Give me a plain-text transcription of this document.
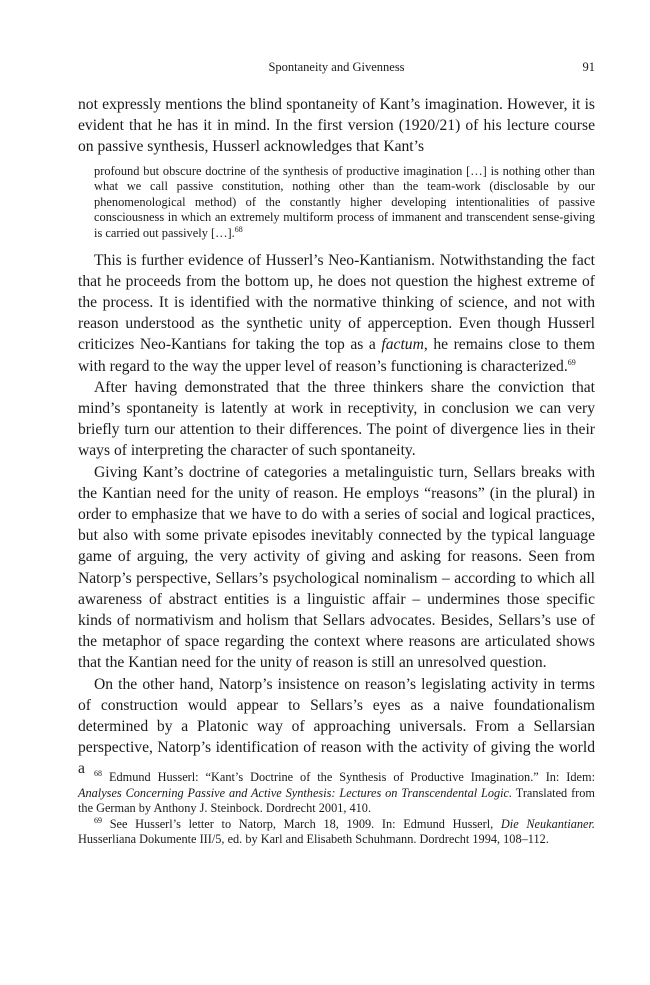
Spontaneity and Givenness	91

not expressly mentions the blind spontaneity of Kant’s imagination. However, it is evident that he has it in mind. In the first version (1920/21) of his lecture course on passive synthesis, Husserl acknowledges that Kant’s

profound but obscure doctrine of the synthesis of productive imagination […] is nothing other than what we call passive constitution, nothing other than the team-work (disclosable by our phenomenological method) of the constantly higher developing intentionalities of passive consciousness in which an extremely multiform process of immanent and transcendent sense-giving is carried out passively […].$^{68}$

This is further evidence of Husserl’s Neo-Kantianism. Notwithstanding the fact that he proceeds from the bottom up, he does not question the highest extreme of the process. It is identified with the normative thinking of science, and not with reason understood as the synthetic unity of apperception. Even though Husserl criticizes Neo-Kantians for taking the top as a factum, he remains close to them with regard to the way the upper level of reason’s functioning is characterized.$^{69}$

After having demonstrated that the three thinkers share the conviction that mind’s spontaneity is latently at work in receptivity, in conclusion we can very briefly turn our attention to their differences. The point of divergence lies in their ways of interpreting the character of such spontaneity.

Giving Kant’s doctrine of categories a metalinguistic turn, Sellars breaks with the Kantian need for the unity of reason. He employs “reasons” (in the plural) in order to emphasize that we have to do with a series of social and logical practices, but also with some private episodes inevitably connected by the typical language game of arguing, the very activity of giving and asking for reasons. Seen from Natorp’s perspective, Sellars’s psychological nominalism – according to which all awareness of abstract entities is a linguistic affair – undermines those specific kinds of normativism and holism that Sellars advocates. Besides, Sellars’s use of the metaphor of space regarding the context where reasons are articulated shows that the Kantian need for the unity of reason is still an unresolved question.

On the other hand, Natorp’s insistence on reason’s legislating activity in terms of construction would appear to Sellars’s eyes as a naive foundationalism determined by a Platonic way of approaching universals. From a Sellarsian perspective, Natorp’s identification of reason with the activity of giving the world a	$^{68}$ Edmund Husserl: “Kant’s Doctrine of the Synthesis of Productive Imagination.” In: Idem: Analyses Concerning Passive and Active Synthesis: Lectures on Transcendental Logic. Translated from the German by Anthony J. Steinbock. Dordrecht 2001, 410.

$^{69}$ See Husserl’s letter to Natorp, March 18, 1909. In: Edmund Husserl, Die Neukantianer. Husserliana Dokumente III/5, ed. by Karl and Elisabeth Schuhmann. Dordrecht 1994, 108–112.
